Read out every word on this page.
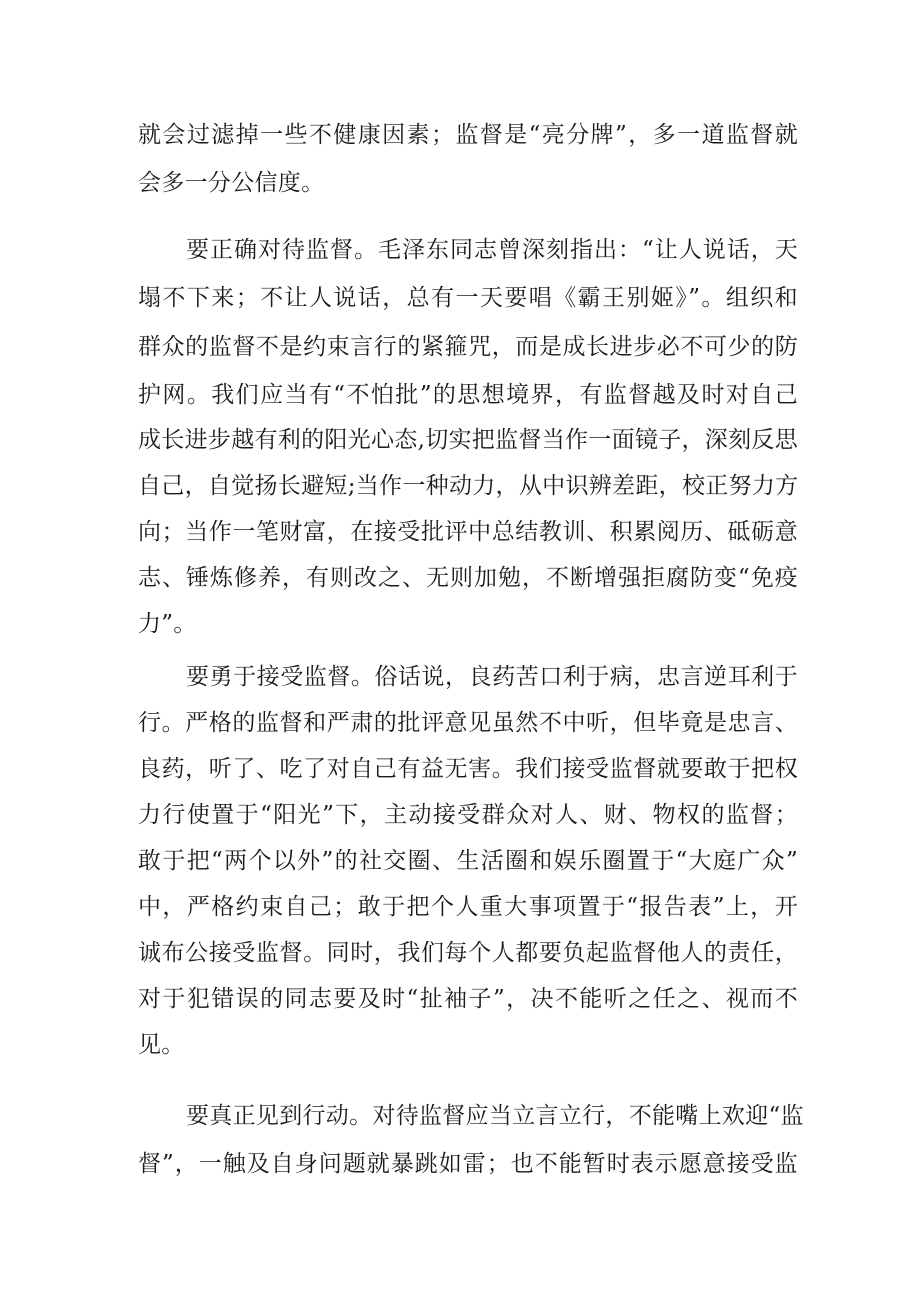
就会过滤掉一些不健康因素；监督是“亮分牌”，多一道监督就
会多一分公信度。
要正确对待监督。毛泽东同志曾深刻指出：“让人说话，天
塌不下来；不让人说话，总有一天要唱《霸王别姬》”。组织和
群众的监督不是约束言行的紧箍咒，而是成长进步必不可少的防
护网。我们应当有“不怕批”的思想境界，有监督越及时对自己
成长进步越有利的阳光心态,切实把监督当作一面镜子，深刻反思
自己，自觉扬长避短;当作一种动力，从中识辨差距，校正努力方
向；当作一笔财富，在接受批评中总结教训、积累阅历、砥砺意
志、锤炼修养，有则改之、无则加勉，不断增强拒腐防变“免疫
力”。
要勇于接受监督。俗话说，良药苦口利于病，忠言逆耳利于
行。严格的监督和严肃的批评意见虽然不中听，但毕竟是忠言、
良药，听了、吃了对自己有益无害。我们接受监督就要敢于把权
力行使置于“阳光”下，主动接受群众对人、财、物权的监督；
敢于把“两个以外”的社交圈、生活圈和娱乐圈置于“大庭广众”
中，严格约束自己；敢于把个人重大事项置于“报告表”上，开
诚布公接受监督。同时，我们每个人都要负起监督他人的责任，
对于犯错误的同志要及时“扯袖子”，决不能听之任之、视而不
见。
要真正见到行动。对待监督应当立言立行，不能嘴上欢迎“监
督”，一触及自身问题就暴跳如雷；也不能暂时表示愿意接受监
